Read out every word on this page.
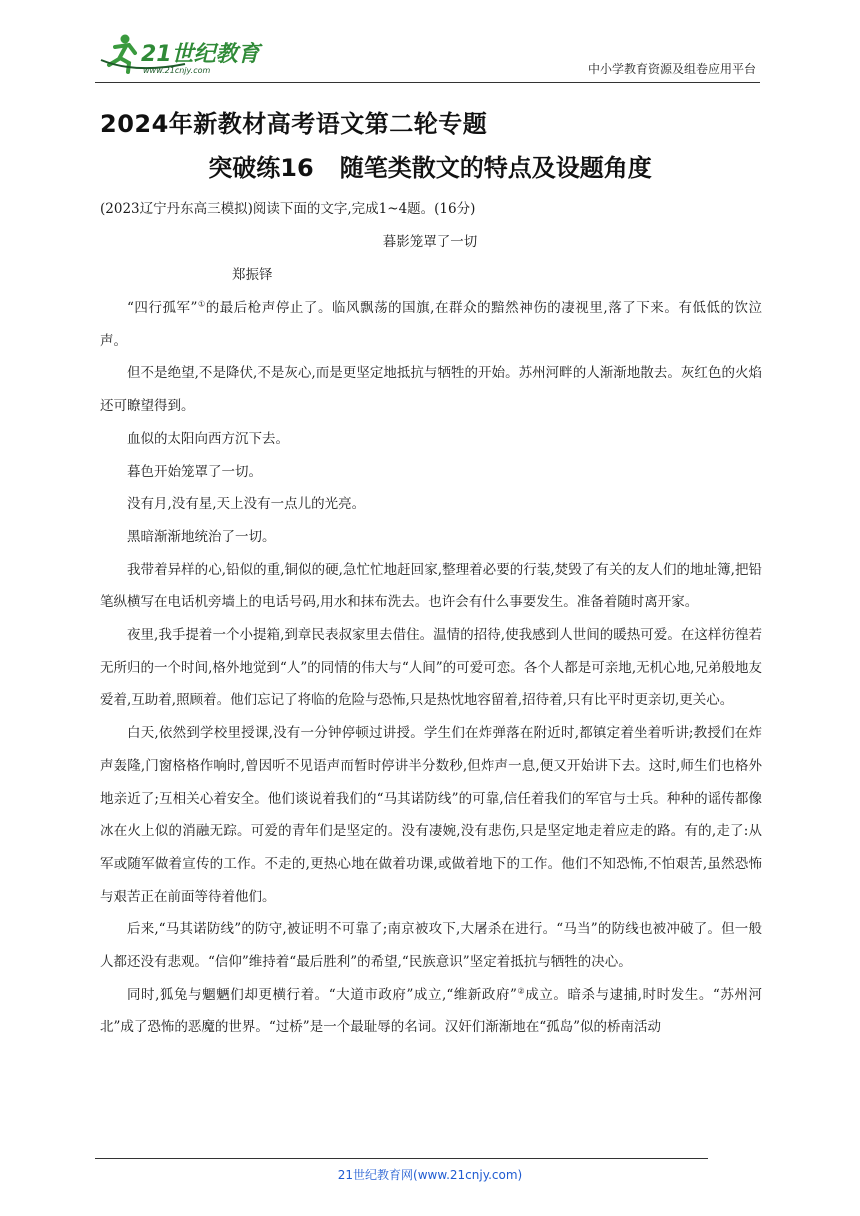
21世纪教育
www.21cnjy.com	中小学教育资源及组卷应用平台
2024年新教材高考语文第二轮专题
突破练16 随笔类散文的特点及设题角度
(2023辽宁丹东高三模拟)阅读下面的文字,完成1~4题。(16分)
暮影笼罩了一切
郑振铎

“四行孤军”①的最后枪声停止了。临风飘荡的国旗,在群众的黯然神伤的凄视里,落了下来。有低低的饮泣声。

但不是绝望,不是降伏,不是灰心,而是更坚定地抵抗与牺牲的开始。苏州河畔的人渐渐地散去。灰红色的火焰还可瞭望得到。

血似的太阳向西方沉下去。

暮色开始笼罩了一切。

没有月,没有星,天上没有一点儿的光亮。

黑暗渐渐地统治了一切。

我带着异样的心,铅似的重,铜似的硬,急忙忙地赶回家,整理着必要的行装,焚毁了有关的友人们的地址簿,把铅笔纵横写在电话机旁墙上的电话号码,用水和抹布洗去。也许会有什么事要发生。准备着随时离开家。

夜里,我手提着一个小提箱,到章民表叔家里去借住。温情的招待,使我感到人世间的暖热可爱。在这样彷徨若无所归的一个时间,格外地觉到“人”的同情的伟大与“人间”的可爱可恋。各个人都是可亲地,无机心地,兄弟般地友爱着,互助着,照顾着。他们忘记了将临的危险与恐怖,只是热忱地容留着,招待着,只有比平时更亲切,更关心。

白天,依然到学校里授课,没有一分钟停顿过讲授。学生们在炸弹落在附近时,都镇定着坐着听讲;教授们在炸声轰隆,门窗格格作响时,曾因听不见语声而暂时停讲半分数秒,但炸声一息,便又开始讲下去。这时,师生们也格外地亲近了;互相关心着安全。他们谈说着我们的“马其诺防线”的可靠,信任着我们的军官与士兵。种种的谣传都像冰在火上似的消融无踪。可爱的青年们是坚定的。没有凄婉,没有悲伤,只是坚定地走着应走的路。有的,走了:从军或随军做着宣传的工作。不走的,更热心地在做着功课,或做着地下的工作。他们不知恐怖,不怕艰苦,虽然恐怖与艰苦正在前面等待着他们。

后来,“马其诺防线”的防守,被证明不可靠了;南京被攻下,大屠杀在进行。“马当”的防线也被冲破了。但一般人都还没有悲观。“信仰”维持着“最后胜利”的希望,“民族意识”坚定着抵抗与牺牲的决心。

同时,狐兔与魍魉们却更横行着。“大道市政府”成立,“维新政府”②成立。暗杀与逮捕,时时发生。“苏州河北”成了恐怖的恶魔的世界。“过桥”是一个最耻辱的名词。汉奸们渐渐地在“孤岛”似的桥南活动

21世纪教育网(www.21cnjy.com)
